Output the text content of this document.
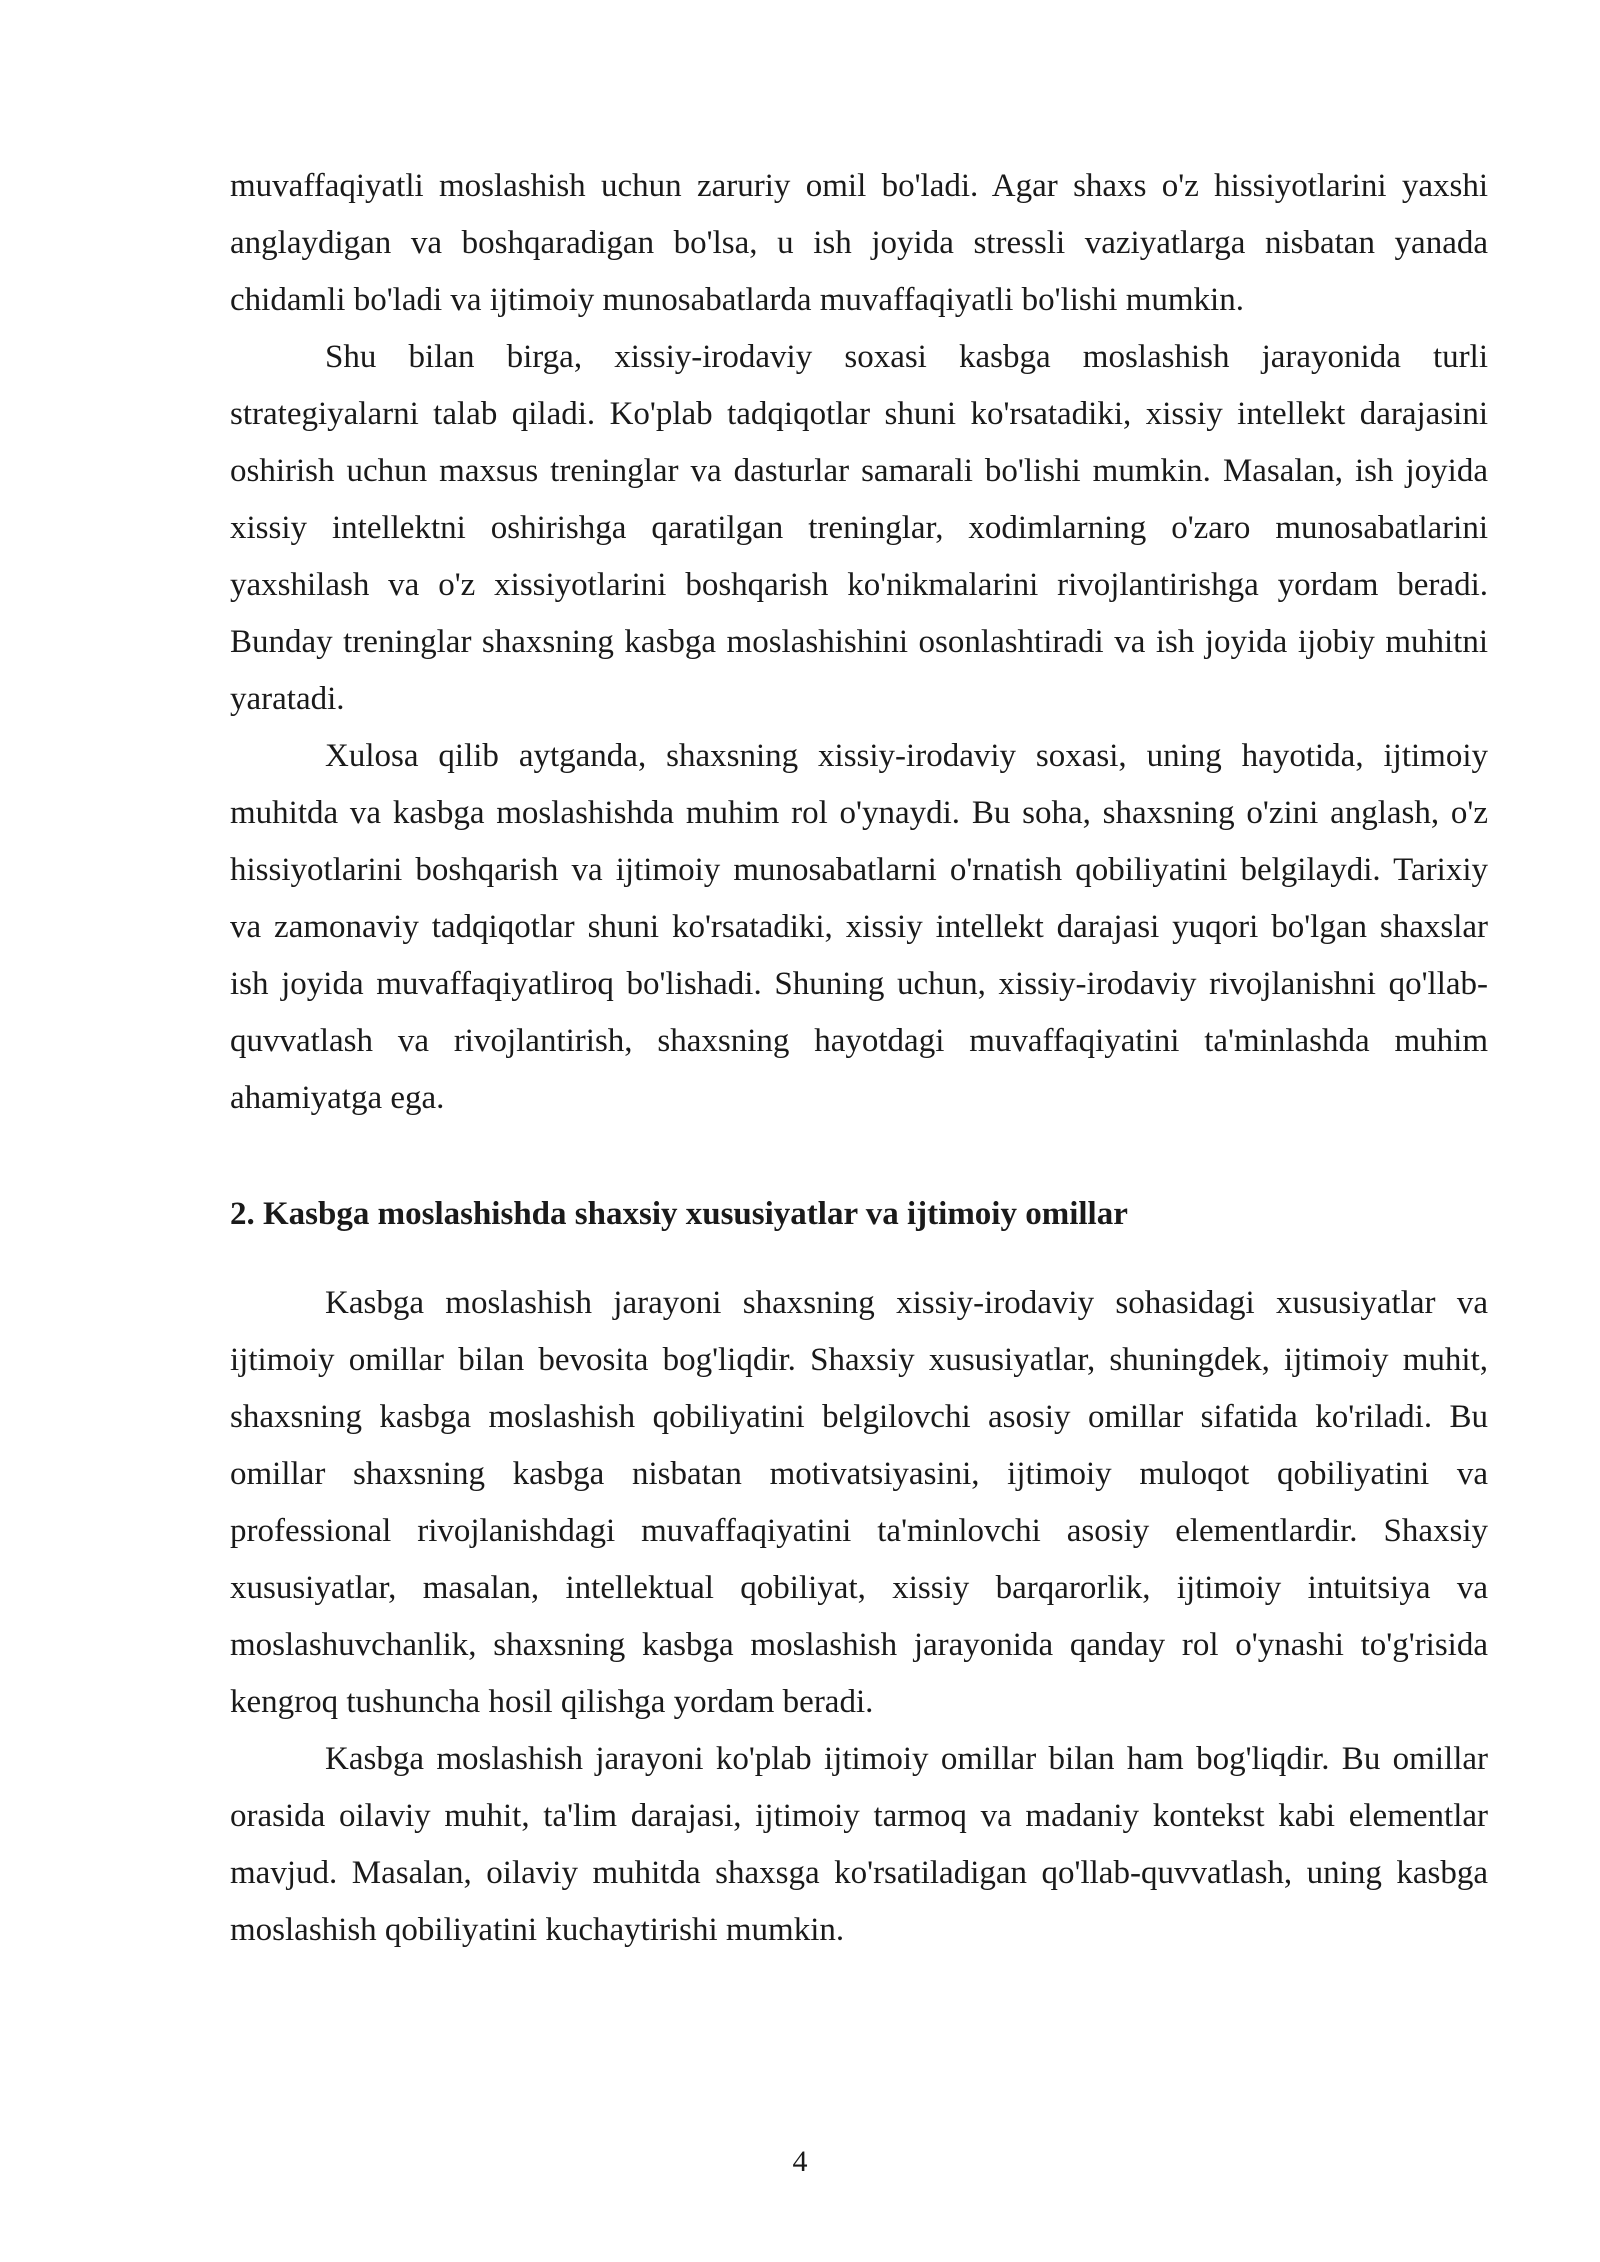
muvaffaqiyatli moslashish uchun zaruriy omil bo'ladi. Agar shaxs o'z hissiyotlarini yaxshi anglaydigan va boshqaradigan bo'lsa, u ish joyida stressli vaziyatlarga nisbatan yanada chidamli bo'ladi va ijtimoiy munosabatlarda muvaffaqiyatli bo'lishi mumkin.

Shu bilan birga, xissiy-irodaviy soxasi kasbga moslashish jarayonida turli strategiyalarni talab qiladi. Ko'plab tadqiqotlar shuni ko'rsatadiki, xissiy intellekt darajasini oshirish uchun maxsus treninglar va dasturlar samarali bo'lishi mumkin. Masalan, ish joyida xissiy intellektni oshirishga qaratilgan treninglar, xodimlarning o'zaro munosabatlarini yaxshilash va o'z xissiyotlarini boshqarish ko'nikmalarini rivojlantirishga yordam beradi. Bunday treninglar shaxsning kasbga moslashishini osonlashtiradi va ish joyida ijobiy muhitni yaratadi.

Xulosa qilib aytganda, shaxsning xissiy-irodaviy soxasi, uning hayotida, ijtimoiy muhitda va kasbga moslashishda muhim rol o'ynaydi. Bu soha, shaxsning o'zini anglash, o'z hissiyotlarini boshqarish va ijtimoiy munosabatlarni o'rnatish qobiliyatini belgilaydi. Tarixiy va zamonaviy tadqiqotlar shuni ko'rsatadiki, xissiy intellekt darajasi yuqori bo'lgan shaxslar ish joyida muvaffaqiyatliroq bo'lishadi. Shuning uchun, xissiy-irodaviy rivojlanishni qo'llab-quvvatlash va rivojlantirish, shaxsning hayotdagi muvaffaqiyatini ta'minlashda muhim ahamiyatga ega.

2. Kasbga moslashishda shaxsiy xususiyatlar va ijtimoiy omillar

Kasbga moslashish jarayoni shaxsning xissiy-irodaviy sohasidagi xususiyatlar va ijtimoiy omillar bilan bevosita bog'liqdir. Shaxsiy xususiyatlar, shuningdek, ijtimoiy muhit, shaxsning kasbga moslashish qobiliyatini belgilovchi asosiy omillar sifatida ko'riladi. Bu omillar shaxsning kasbga nisbatan motivatsiyasini, ijtimoiy muloqot qobiliyatini va professional rivojlanishdagi muvaffaqiyatini ta'minlovchi asosiy elementlardir. Shaxsiy xususiyatlar, masalan, intellektual qobiliyat, xissiy barqarorlik, ijtimoiy intuitsiya va moslashuvchanlik, shaxsning kasbga moslashish jarayonida qanday rol o'ynashi to'g'risida kengroq tushuncha hosil qilishga yordam beradi.

Kasbga moslashish jarayoni ko'plab ijtimoiy omillar bilan ham bog'liqdir. Bu omillar orasida oilaviy muhit, ta'lim darajasi, ijtimoiy tarmoq va madaniy kontekst kabi elementlar mavjud. Masalan, oilaviy muhitda shaxsga ko'rsatiladigan qo'llab-quvvatlash, uning kasbga moslashish qobiliyatini kuchaytirishi mumkin.

4
